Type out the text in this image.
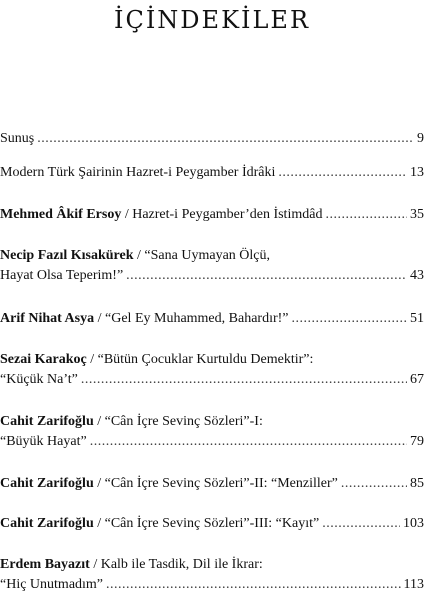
İÇİNDEKİLER
Sunuş .....	9
Modern Türk Şairinin Hazret-i Peygamber İdrâki .....	13
Mehmed Âkif Ersoy / Hazret-i Peygamber’den İstimdâd .....	35
Necip Fazıl Kısakürek / “Sana Uymayan Ölçü,
Hayat Olsa Teperim!” .....	43
Arif Nihat Asya / “Gel Ey Muhammed, Bahardır!” .....	51
Sezai Karakoç / “Bütün Çocuklar Kurtuldu Demektir”:
“Küçük Na’t” .....	67
Cahit Zarifoğlu / “Cân İçre Sevinç Sözleri”-I:
“Büyük Hayat” .....	79
Cahit Zarifoğlu / “Cân İçre Sevinç Sözleri”-II: “Menziller” .....	85
Cahit Zarifoğlu / “Cân İçre Sevinç Sözleri”-III: “Kayıt” .....	103
Erdem Bayazıt / Kalb ile Tasdik, Dil ile İkrar:
“Hiç Unutmadım” .....	113
